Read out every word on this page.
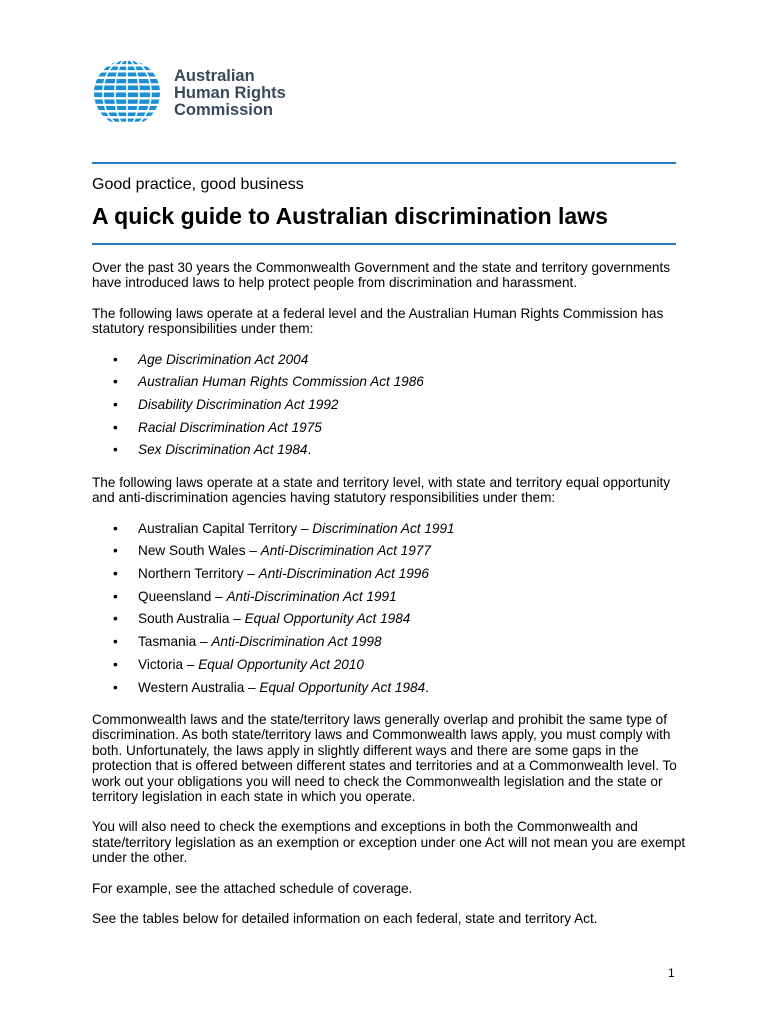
Australian
Human Rights
Commission
Good practice, good business
A quick guide to Australian discrimination laws

Over the past 30 years the Commonwealth Government and the state and territory governments have introduced laws to help protect people from discrimination and harassment.

The following laws operate at a federal level and the Australian Human Rights Commission has statutory responsibilities under them:

• Age Discrimination Act 2004
• Australian Human Rights Commission Act 1986
• Disability Discrimination Act 1992
• Racial Discrimination Act 1975
• Sex Discrimination Act 1984.

The following laws operate at a state and territory level, with state and territory equal opportunity and anti-discrimination agencies having statutory responsibilities under them:

• Australian Capital Territory – Discrimination Act 1991
• New South Wales – Anti-Discrimination Act 1977
• Northern Territory – Anti-Discrimination Act 1996
• Queensland – Anti-Discrimination Act 1991
• South Australia – Equal Opportunity Act 1984
• Tasmania – Anti-Discrimination Act 1998
• Victoria – Equal Opportunity Act 2010
• Western Australia – Equal Opportunity Act 1984.

Commonwealth laws and the state/territory laws generally overlap and prohibit the same type of discrimination. As both state/territory laws and Commonwealth laws apply, you must comply with both. Unfortunately, the laws apply in slightly different ways and there are some gaps in the protection that is offered between different states and territories and at a Commonwealth level. To work out your obligations you will need to check the Commonwealth legislation and the state or territory legislation in each state in which you operate.

You will also need to check the exemptions and exceptions in both the Commonwealth and state/territory legislation as an exemption or exception under one Act will not mean you are exempt under the other.

For example, see the attached schedule of coverage.

See the tables below for detailed information on each federal, state and territory Act.

1
